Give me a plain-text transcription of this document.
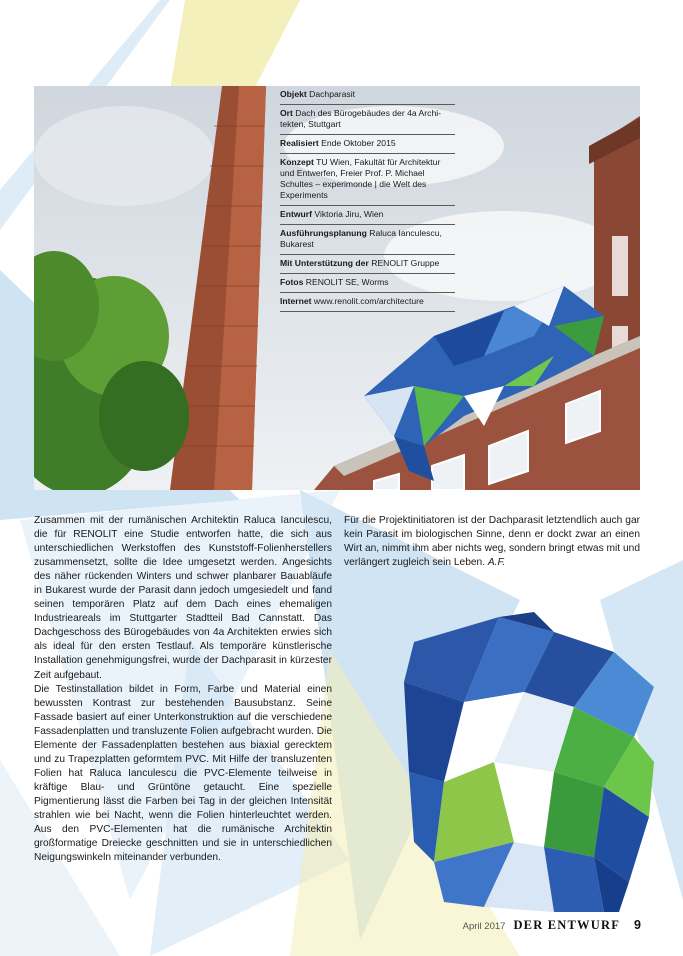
Objekt Dachparasit
Ort Dach des Bürogebäudes der 4a Archi-tekten, Stuttgart
Realisiert Ende Oktober 2015
Konzept TU Wien, Fakultät für Architektur und Entwerfen, Freier Prof. P. Michael Schultes – experimonde | die Welt des Experiments
Entwurf Viktoria Jiru, Wien
Ausführungsplanung Raluca Ianculescu, Bukarest
Mit Unterstützung der RENOLIT Gruppe
Fotos RENOLIT SE, Worms
Internet www.renolit.com/architecture

Zusammen mit der rumänischen Architektin Raluca Ianculescu, die für RENOLIT eine Studie entworfen hatte, die sich aus unterschiedlichen Werkstoffen des Kunststoff-Folienherstellers zusammensetzt, sollte die Idee umgesetzt werden. Angesichts des näher rückenden Winters und schwer planbarer Bauabläufe in Bukarest wurde der Parasit dann jedoch umgesiedelt und fand seinen temporären Platz auf dem Dach eines ehemaligen Industrieareals im Stuttgarter Stadtteil Bad Cannstatt. Das Dachgeschoss des Bürogebäudes von 4a Architekten erwies sich als ideal für den ersten Testlauf. Als temporäre künstlerische Installation genehmigungsfrei, wurde der Dachparasit in kürzester Zeit aufgebaut.

Die Testinstallation bildet in Form, Farbe und Material einen bewussten Kontrast zur bestehenden Bausubstanz. Seine Fassade basiert auf einer Unterkonstruktion auf die verschiedene Fassadenplatten und transluzente Folien aufgebracht wurden. Die Elemente der Fassadenplatten bestehen aus biaxial gerecktem und zu Trapezplatten geformtem PVC. Mit Hilfe der transluzenten Folien hat Raluca Ianculescu die PVC-Elemente teilweise in kräftige Blau- und Grüntöne getaucht. Eine spezielle Pigmentierung lässt die Farben bei Tag in der gleichen Intensität strahlen wie bei Nacht, wenn die Folien hinterleuchtet werden. Aus den PVC-Elementen hat die rumänische Architektin großformatige Dreiecke geschnitten und sie in unterschiedlichen Neigungswinkeln miteinander verbunden.

Für die Projektinitiatoren ist der Dachparasit letztendlich auch gar kein Parasit im biologischen Sinne, denn er dockt zwar an einen Wirt an, nimmt ihm aber nichts weg, sondern bringt etwas mit und verlängert zugleich sein Leben. A.F.

April 2017 DER ENTWURF 9
